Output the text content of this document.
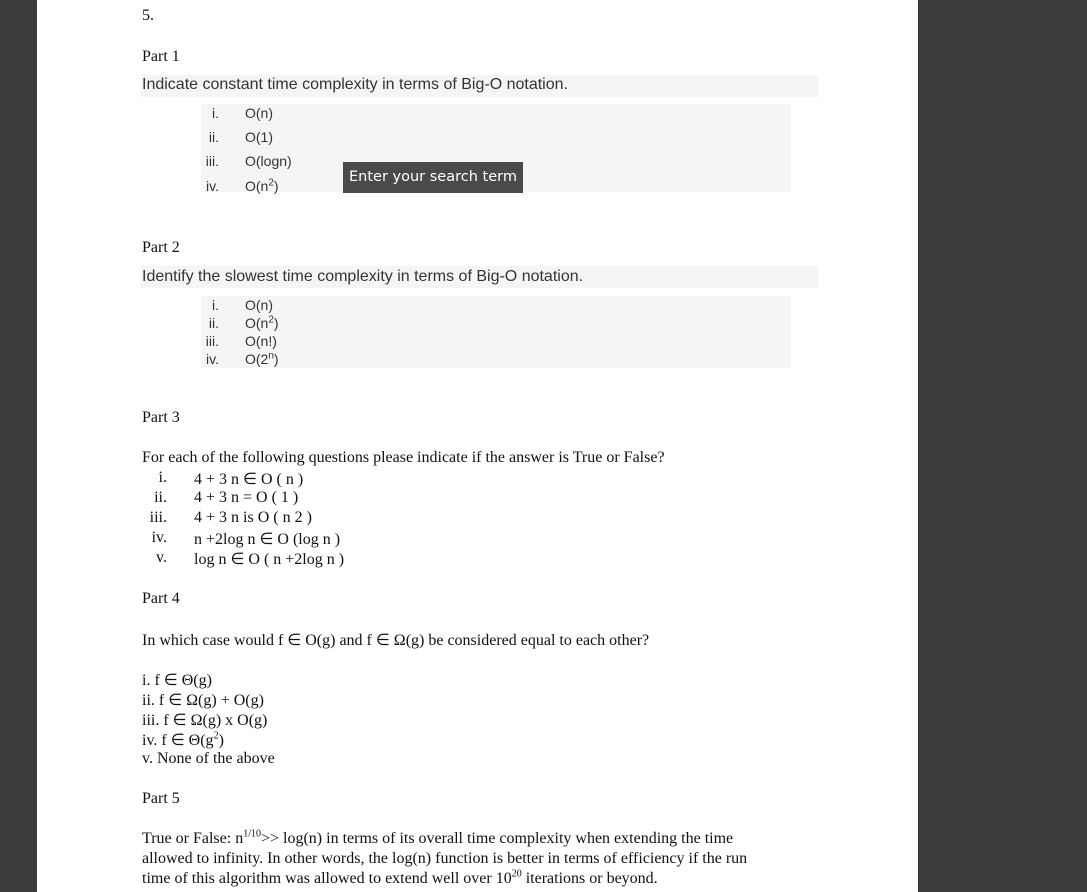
5.
Part 1
Indicate constant time complexity in terms of Big-O notation.
i. O(n)
ii. O(1)
iii. O(logn)
iv. $O(n^2)$
Enter your search term
Part 2
Identify the slowest time complexity in terms of Big-O notation.
i. O(n)
ii. $O(n^2)$
iii. O(n!)
iv. O(2$^n$)
Part 3
For each of the following questions please indicate if the answer is True or False?
i. 4 + 3 n ∈ O ( n )
ii. 4 + 3 n = O ( 1 )
iii. 4 + 3 n is O ( n 2 )
iv. n +2log n ∈ O (log n )
v. log n ∈ O ( n +2log n )
Part 4
In which case would f ∈ O(g) and f ∈ Ω(g) be considered equal to each other?
i. f ∈ Θ(g)
ii. f ∈ Ω(g) + O(g)
iii. f ∈ Ω(g) x O(g)
iv. f ∈ $\Theta(g^2)$
v. None of the above
Part 5
True or False: $n^{1/10}>> \log(n)$ in terms of its overall time complexity when extending the time
allowed to infinity. In other words, the log(n) function is better in terms of efficiency if the run
time of this algorithm was allowed to extend well over $10^{20}$ iterations or beyond.
